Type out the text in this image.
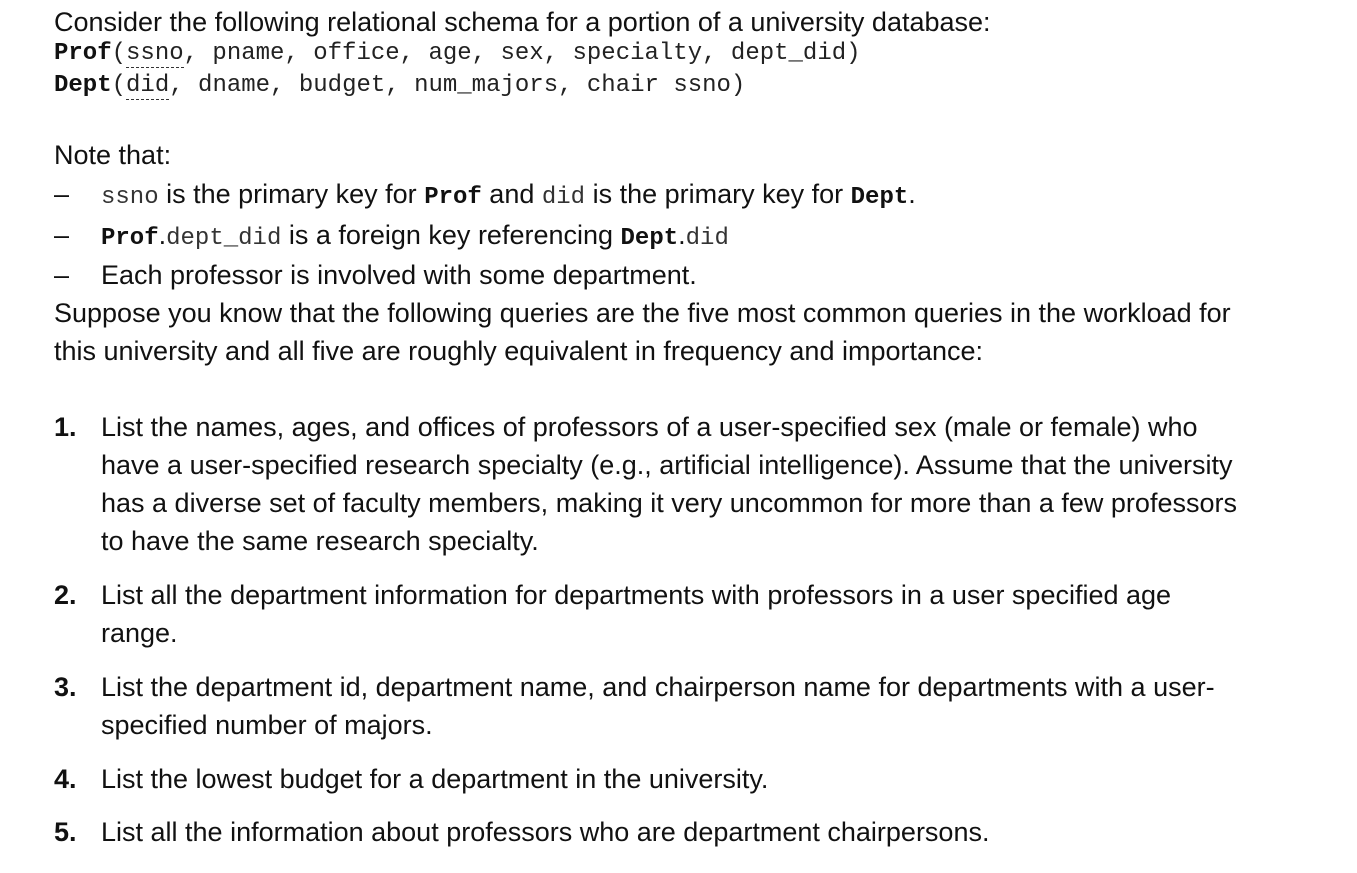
Consider the following relational schema for a portion of a university database:
Prof(ssno, pname, office, age, sex, specialty, dept_did)
Dept(did, dname, budget, num_majors, chair ssno)
Note that:
–	ssno is the primary key for Prof and did is the primary key for Dept.
–	Prof.dept_did is a foreign key referencing Dept.did
–	Each professor is involved with some department.
Suppose you know that the following queries are the five most common queries in the workload for this university and all five are roughly equivalent in frequency and importance:
1. List the names, ages, and offices of professors of a user-specified sex (male or female) who have a user-specified research specialty (e.g., artificial intelligence). Assume that the university has a diverse set of faculty members, making it very uncommon for more than a few professors to have the same research specialty.
2. List all the department information for departments with professors in a user specified age range.
3. List the department id, department name, and chairperson name for departments with a user-specified number of majors.
4. List the lowest budget for a department in the university.
5. List all the information about professors who are department chairpersons.
